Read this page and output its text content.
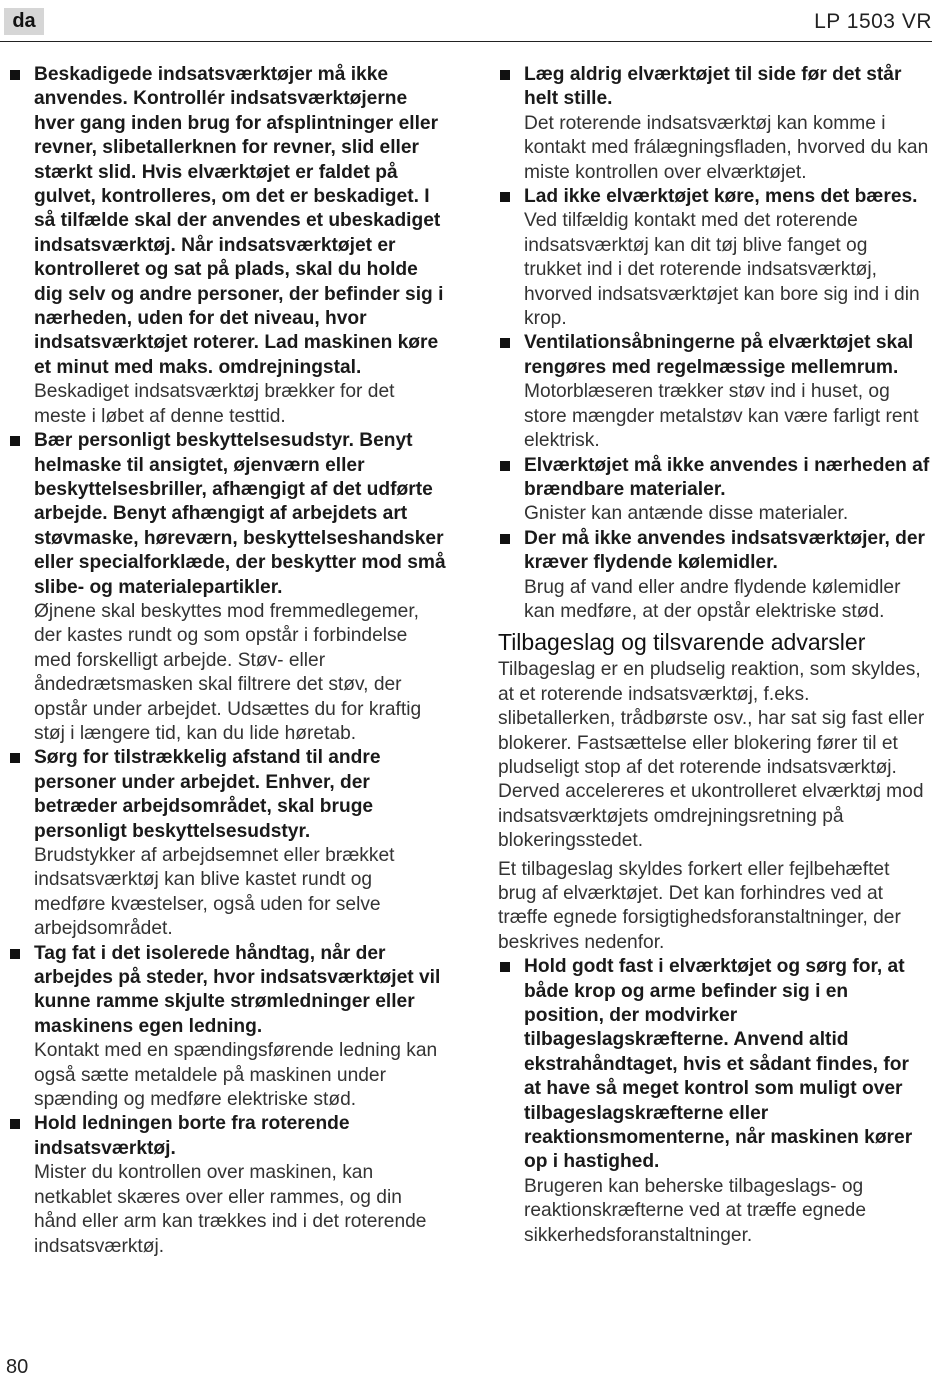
da	LP 1503 VR
Beskadigede indsatsværktøjer må ikke anvendes. Kontrollér indsatsværktøjerne hver gang inden brug for afsplintninger eller revner, slibetallerknen for revner, slid eller stærkt slid. Hvis elværktøjet er faldet på gulvet, kontrolleres, om det er beskadiget. I så tilfælde skal der anvendes et ubeskadiget indsatsværktøj. Når indsatsværktøjet er kontrolleret og sat på plads, skal du holde dig selv og andre personer, der befinder sig i nærheden, uden for det niveau, hvor indsatsværktøjet roterer. Lad maskinen køre et minut med maks. omdrejningstal.
Beskadiget indsatsværktøj brækker for det meste i løbet af denne testtid.
Bær personligt beskyttelsesudstyr. Benyt helmaske til ansigtet, øjenværn eller beskyttelsesbriller, afhængigt af det udførte arbejde. Benyt afhængigt af arbejdets art støvmaske, høreværn, beskyttelseshandsker eller specialforklæde, der beskytter mod små slibe- og materialepartikler.
Øjnene skal beskyttes mod fremmedlegemer, der kastes rundt og som opstår i forbindelse med forskelligt arbejde. Støv- eller åndedrætsmasken skal filtrere det støv, der opstår under arbejdet. Udsættes du for kraftig støj i længere tid, kan du lide høretab.
Sørg for tilstrækkelig afstand til andre personer under arbejdet. Enhver, der betræder arbejdsområdet, skal bruge personligt beskyttelsesudstyr.
Brudstykker af arbejdsemnet eller brækket indsatsværktøj kan blive kastet rundt og medføre kvæstelser, også uden for selve arbejdsområdet.
Tag fat i det isolerede håndtag, når der arbejdes på steder, hvor indsatsværktøjet vil kunne ramme skjulte strømledninger eller maskinens egen ledning.
Kontakt med en spændingsførende ledning kan også sætte metaldele på maskinen under spænding og medføre elektriske stød.
Hold ledningen borte fra roterende indsatsværktøj.
Mister du kontrollen over maskinen, kan netkablet skæres over eller rammes, og din hånd eller arm kan trækkes ind i det roterende indsatsværktøj.
Læg aldrig elværktøjet til side før det står helt stille.
Det roterende indsatsværktøj kan komme i kontakt med frálægningsfladen, hvorved du kan miste kontrollen over elværktøjet.
Lad ikke elværktøjet køre, mens det bæres.
Ved tilfældig kontakt med det roterende indsatsværktøj kan dit tøj blive fanget og trukket ind i det roterende indsatsværktøj, hvorved indsatsværktøjet kan bore sig ind i din krop.
Ventilationsåbningerne på elværktøjet skal rengøres med regelmæssige mellemrum.
Motorblæseren trækker støv ind i huset, og store mængder metalstøv kan være farligt rent elektrisk.
Elværktøjet må ikke anvendes i nærheden af brændbare materialer.
Gnister kan antænde disse materialer.
Der må ikke anvendes indsatsværktøjer, der kræver flydende kølemidler.
Brug af vand eller andre flydende kølemidler kan medføre, at der opstår elektriske stød.
Tilbageslag og tilsvarende advarsler
Tilbageslag er en pludselig reaktion, som skyldes, at et roterende indsatsværktøj, f.eks. slibetallerken, trådbørste osv., har sat sig fast eller blokerer. Fastsættelse eller blokering fører til et pludseligt stop af det roterende indsatsværktøj. Derved accelereres et ukontrolleret elværktøj mod indsatsværktøjets omdrejningsretning på blokeringsstedet.
Et tilbageslag skyldes forkert eller fejlbehæftet brug af elværktøjet. Det kan forhindres ved at træffe egnede forsigtighedsforanstaltninger, der beskrives nedenfor.
Hold godt fast i elværktøjet og sørg for, at både krop og arme befinder sig i en position, der modvirker tilbageslagskræfterne. Anvend altid ekstrahåndtaget, hvis et sådant findes, for at have så meget kontrol som muligt over tilbageslagskræfterne eller reaktionsmomenterne, når maskinen kører op i hastighed.
Brugeren kan beherske tilbageslags- og reaktionskræfterne ved at træffe egnede sikkerhedsforanstaltninger.
80
